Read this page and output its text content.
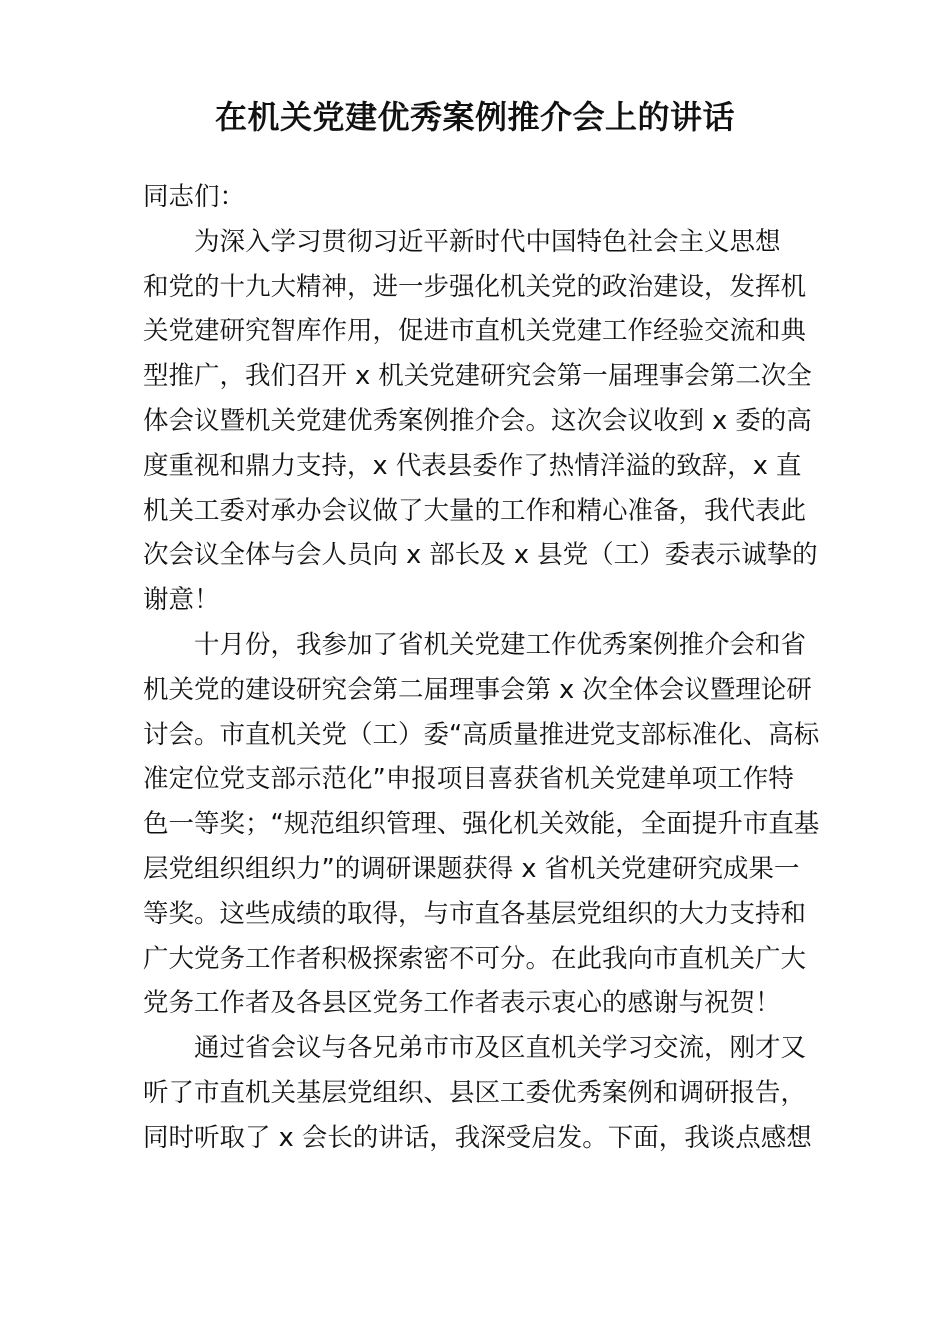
在机关党建优秀案例推介会上的讲话
同志们：
为深入学习贯彻习近平新时代中国特色社会主义思想
和党的十九大精神，进一步强化机关党的政治建设，发挥机
关党建研究智库作用，促进市直机关党建工作经验交流和典
型推广，我们召开 x 机关党建研究会第一届理事会第二次全
体会议暨机关党建优秀案例推介会。这次会议收到 x 委的高
度重视和鼎力支持，x 代表县委作了热情洋溢的致辞，x 直
机关工委对承办会议做了大量的工作和精心准备，我代表此
次会议全体与会人员向 x 部长及 x 县党（工）委表示诚挚的
谢意！
十月份，我参加了省机关党建工作优秀案例推介会和省
机关党的建设研究会第二届理事会第 x 次全体会议暨理论研
讨会。市直机关党（工）委“高质量推进党支部标准化、高标
准定位党支部示范化”申报项目喜获省机关党建单项工作特
色一等奖；“规范组织管理、强化机关效能，全面提升市直基
层党组织组织力”的调研课题获得 x 省机关党建研究成果一
等奖。这些成绩的取得，与市直各基层党组织的大力支持和
广大党务工作者积极探索密不可分。在此我向市直机关广大
党务工作者及各县区党务工作者表示衷心的感谢与祝贺！
通过省会议与各兄弟市市及区直机关学习交流，刚才又
听了市直机关基层党组织、县区工委优秀案例和调研报告，
同时听取了 x 会长的讲话，我深受启发。下面，我谈点感想
